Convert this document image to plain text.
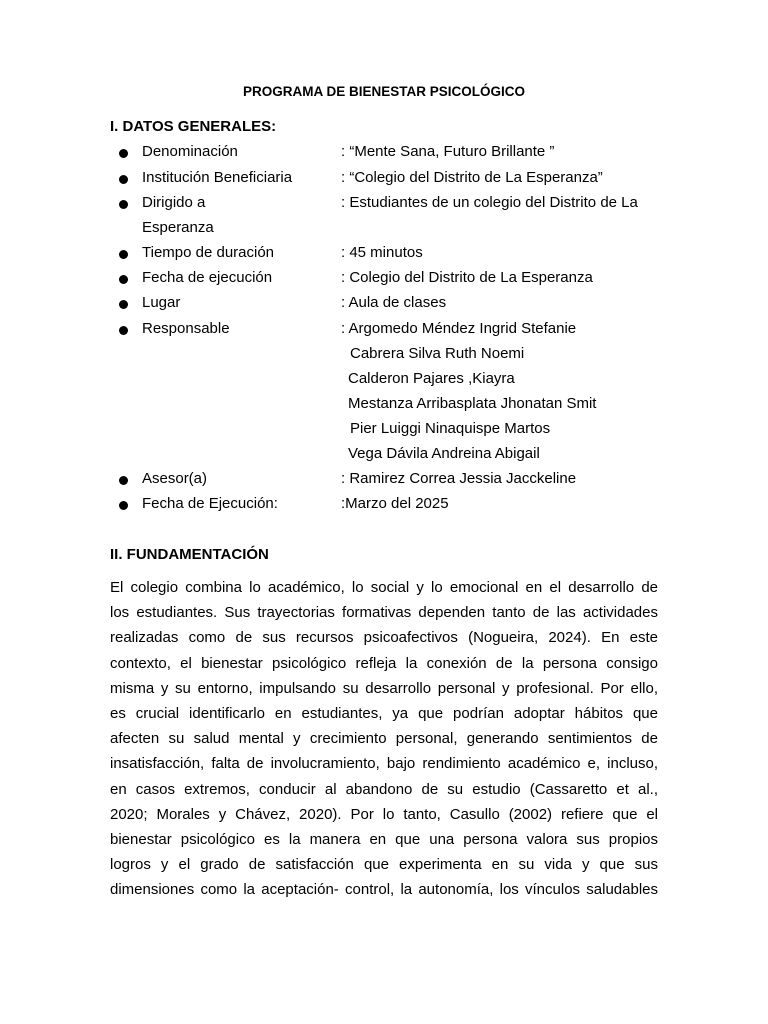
PROGRAMA DE BIENESTAR PSICOLÓGICO
I. DATOS GENERALES:
Denominación	: “Mente Sana, Futuro Brillante ”
Institución Beneficiaria	: “Colegio del Distrito de La Esperanza”
Dirigido a	: Estudiantes de un colegio del Distrito de La
Esperanza
Tiempo de duración	: 45 minutos
Fecha de ejecución	: Colegio del Distrito de La Esperanza
Lugar	: Aula de clases
Responsable	: Argomedo Méndez Ingrid Stefanie
Cabrera Silva Ruth Noemi
Calderon Pajares ,Kiayra
Mestanza Arribasplata Jhonatan Smit
Pier Luiggi Ninaquispe Martos
Vega Dávila Andreina Abigail
Asesor(a)	: Ramirez Correa Jessia Jacckeline
Fecha de Ejecución:	:Marzo del 2025
II. FUNDAMENTACIÓN
El colegio combina lo académico, lo social y lo emocional en el desarrollo de
los estudiantes. Sus trayectorias formativas dependen tanto de las actividades
realizadas como de sus recursos psicoafectivos (Nogueira, 2024). En este
contexto, el bienestar psicológico refleja la conexión de la persona consigo
misma y su entorno, impulsando su desarrollo personal y profesional. Por ello,
es crucial identificarlo en estudiantes, ya que podrían adoptar hábitos que
afecten su salud mental y crecimiento personal, generando sentimientos de
insatisfacción, falta de involucramiento, bajo rendimiento académico e, incluso,
en casos extremos, conducir al abandono de su estudio (Cassaretto et al.,
2020; Morales y Chávez, 2020). Por lo tanto, Casullo (2002) refiere que el
bienestar psicológico es la manera en que una persona valora sus propios
logros y el grado de satisfacción que experimenta en su vida y que sus
dimensiones como la aceptación- control, la autonomía, los vínculos saludables
